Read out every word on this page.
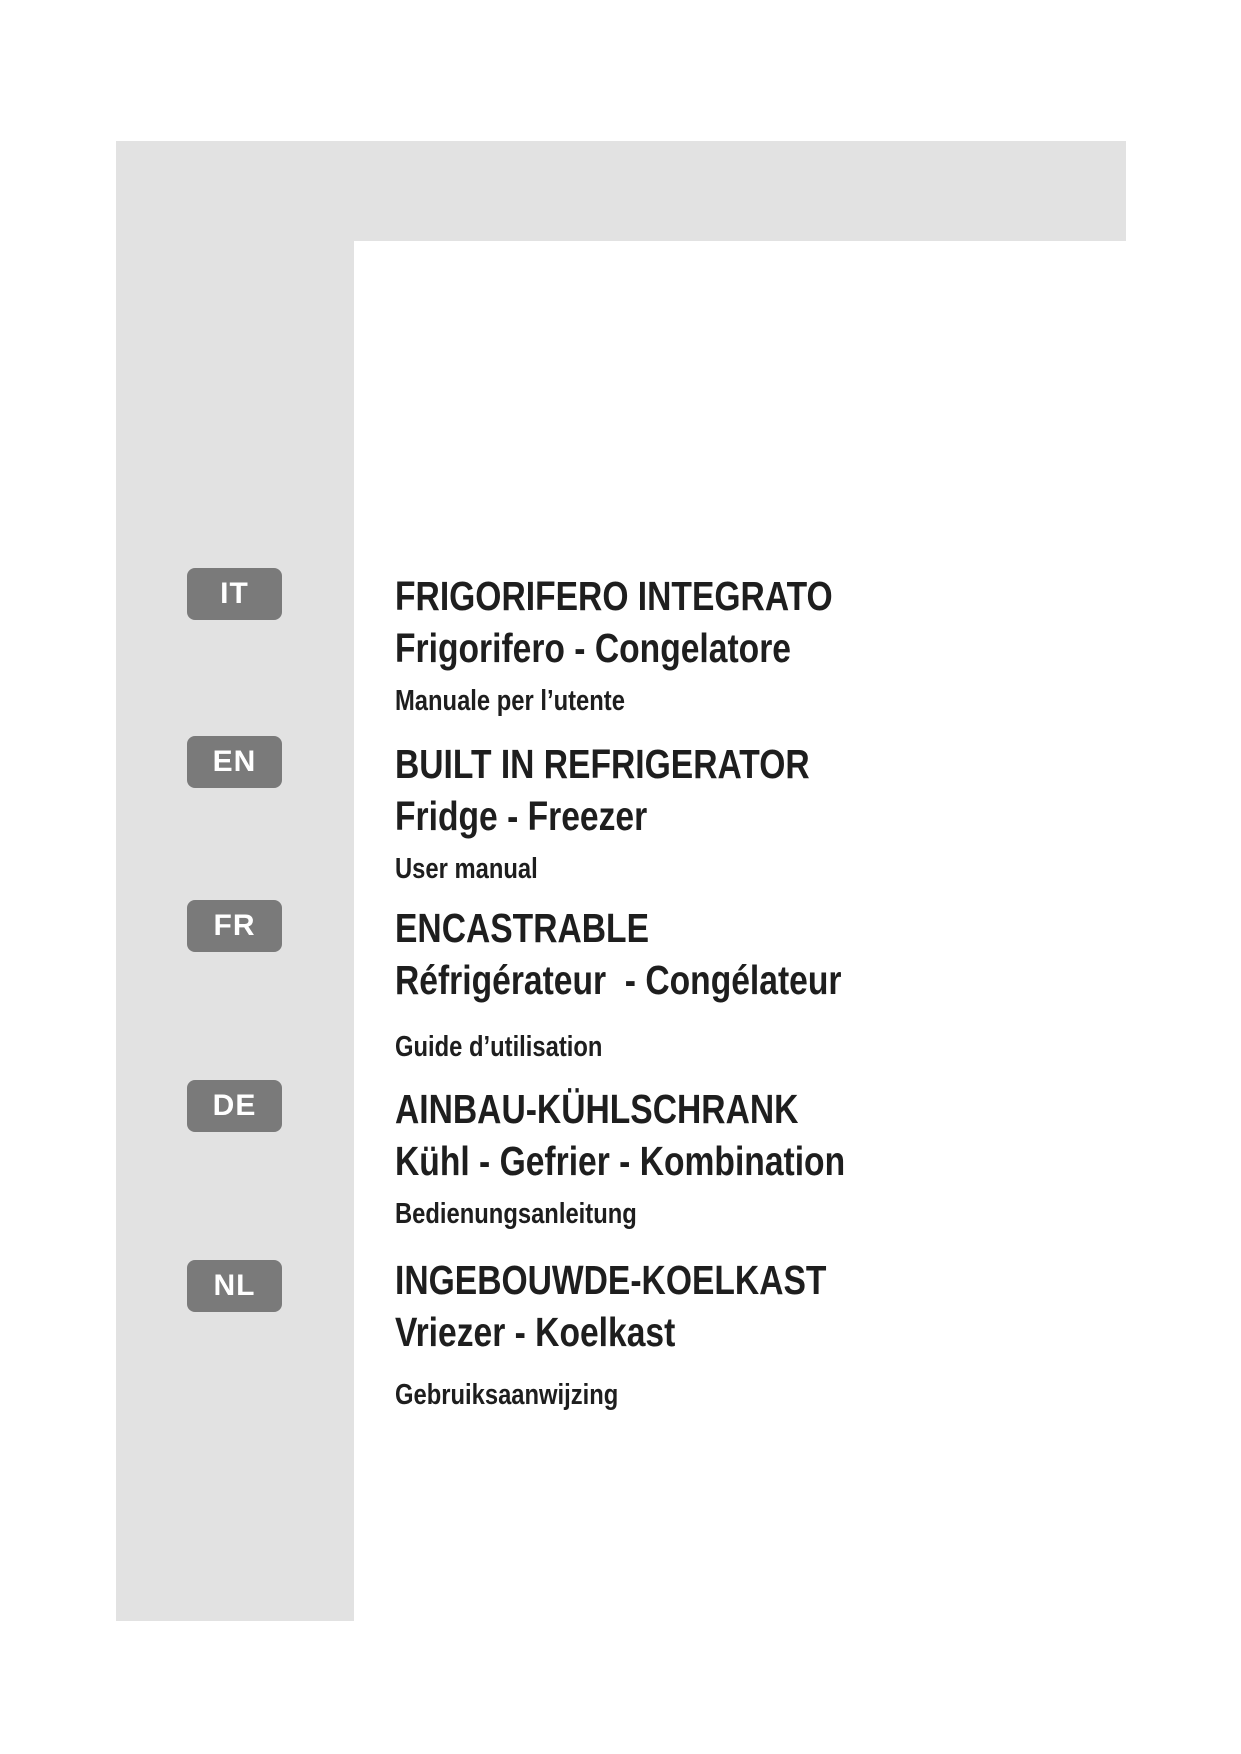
IT	FRIGORIFERO INTEGRATO
Frigorifero - Congelatore
Manuale per l’utente
EN	BUILT IN REFRIGERATOR
Fridge - Freezer
User manual
FR	ENCASTRABLE
Réfrigérateur  - Congélateur
Guide d’utilisation
DE	AINBAU-KÜHLSCHRANK
Kühl - Gefrier - Kombination
Bedienungsanleitung
NL	INGEBOUWDE-KOELKAST
Vriezer - Koelkast
Gebruiksaanwijzing
